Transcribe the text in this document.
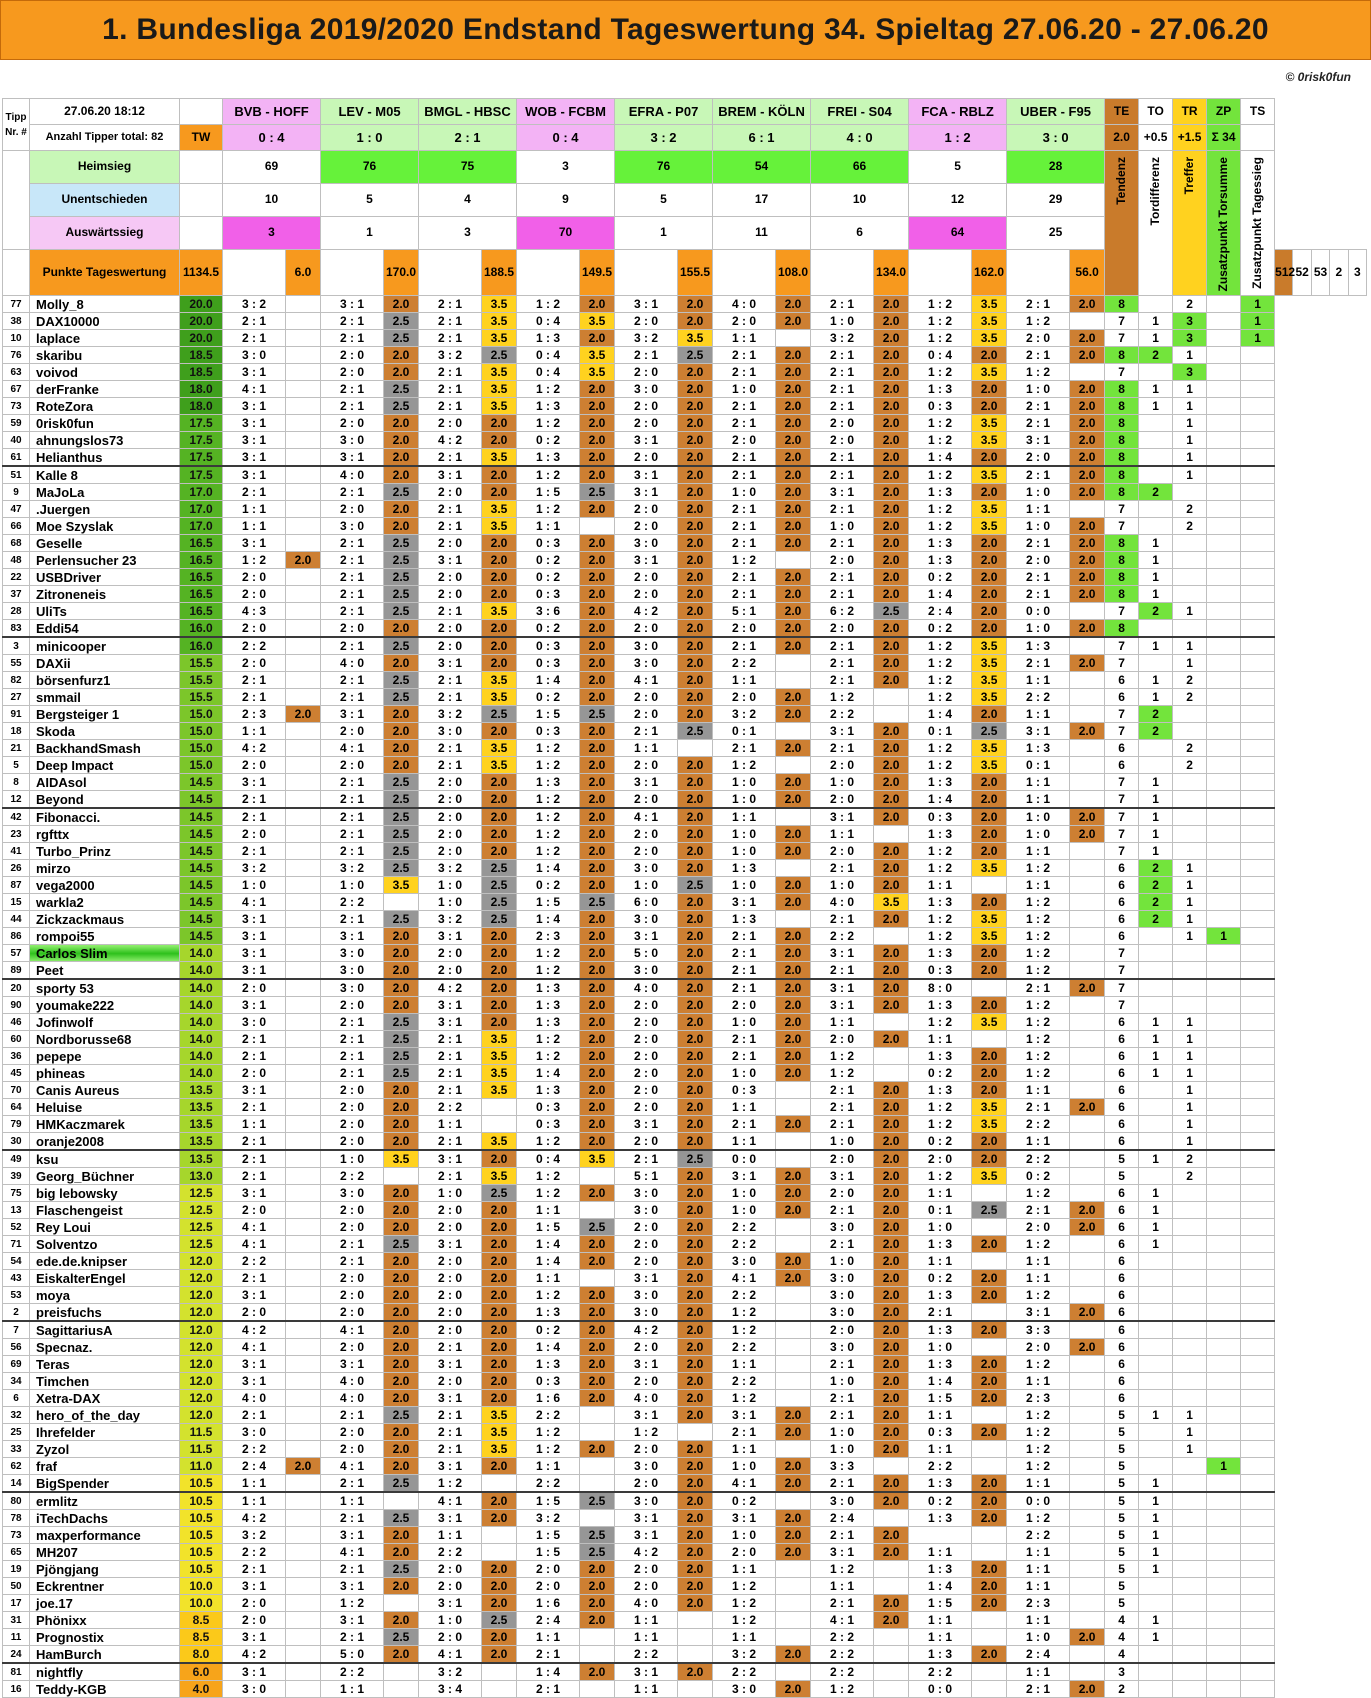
1. Bundesliga 2019/2020 Endstand Tageswertung 34. Spieltag 27.06.20 - 27.06.20
© 0risk0fun
Tipp
Nr. #	27.06.20 18:12		BVB - HOFF		LEV - M05		BMGL - HBSC		WOB - FCBM		EFRA - P07		BREM - KÖLN		FREI - S04		FCA - RBLZ		UBER - F95		TE	TO	TR	ZP	TS					
	Anzahl Tipper total: 82	TW	0 : 4		1 : 0		2 : 1		0 : 4		3 : 2		6 : 1		4 : 0		1 : 2		3 : 0		2.0	+0.5	+1.5	Σ 34						
	Heimsieg		69		76		75		3		76		54		66		5		28		Tendenz	Tordifferenz	Treffer	Zusatzpunkt Torsumme	Zusatzpunkt Tagessieg					
	Unentschieden		10		5		4		9		5		17		10		12		29											
	Auswärtssieg		3		1		3		70		1		11		6		64		25											
	Punkte Tageswertung	1134.5		6.0		170.0		188.5		149.5		155.5		108.0		134.0		162.0		56.0						512	52	53	2	3
77	Molly_8	20.0	3 : 2		3 : 1	2.0	2 : 1	3.5	1 : 2	2.0	3 : 1	2.0	4 : 0	2.0	2 : 1	2.0	1 : 2	3.5	2 : 1	2.0	8		2		1					
38	DAX10000	20.0	2 : 1		2 : 1	2.5	2 : 1	3.5	0 : 4	3.5	2 : 0	2.0	2 : 0	2.0	1 : 0	2.0	1 : 2	3.5	1 : 2		7	1	3		1					
10	laplace	20.0	2 : 1		2 : 1	2.5	2 : 1	3.5	1 : 3	2.0	3 : 2	3.5	1 : 1		3 : 2	2.0	1 : 2	3.5	2 : 0	2.0	7	1	3		1					
76	skaribu	18.5	3 : 0		2 : 0	2.0	3 : 2	2.5	0 : 4	3.5	2 : 1	2.5	2 : 1	2.0	2 : 1	2.0	0 : 4	2.0	2 : 1	2.0	8	2	1							
63	voivod	18.5	3 : 1		2 : 0	2.0	2 : 1	3.5	0 : 4	3.5	2 : 0	2.0	2 : 1	2.0	2 : 1	2.0	1 : 2	3.5	1 : 2		7		3							
67	derFranke	18.0	4 : 1		2 : 1	2.5	2 : 1	3.5	1 : 2	2.0	3 : 0	2.0	1 : 0	2.0	2 : 1	2.0	1 : 3	2.0	1 : 0	2.0	8	1	1							
73	RoteZora	18.0	3 : 1		2 : 1	2.5	2 : 1	3.5	1 : 3	2.0	2 : 0	2.0	2 : 1	2.0	2 : 1	2.0	0 : 3	2.0	2 : 1	2.0	8	1	1							
59	0risk0fun	17.5	3 : 1		2 : 0	2.0	2 : 0	2.0	1 : 2	2.0	2 : 0	2.0	2 : 1	2.0	2 : 0	2.0	1 : 2	3.5	2 : 1	2.0	8		1							
40	ahnungslos73	17.5	3 : 1		3 : 0	2.0	4 : 2	2.0	0 : 2	2.0	3 : 1	2.0	2 : 0	2.0	2 : 0	2.0	1 : 2	3.5	3 : 1	2.0	8		1							
61	Helianthus	17.5	3 : 1		3 : 1	2.0	2 : 1	3.5	1 : 3	2.0	2 : 0	2.0	2 : 1	2.0	2 : 1	2.0	1 : 4	2.0	2 : 0	2.0	8		1							
51	Kalle 8	17.5	3 : 1		4 : 0	2.0	3 : 1	2.0	1 : 2	2.0	3 : 1	2.0	2 : 1	2.0	2 : 1	2.0	1 : 2	3.5	2 : 1	2.0	8		1							
9	MaJoLa	17.0	2 : 1		2 : 1	2.5	2 : 0	2.0	1 : 5	2.5	3 : 1	2.0	1 : 0	2.0	3 : 1	2.0	1 : 3	2.0	1 : 0	2.0	8	2								
47	.Juergen	17.0	1 : 1		2 : 0	2.0	2 : 1	3.5	1 : 2	2.0	2 : 0	2.0	2 : 1	2.0	2 : 1	2.0	1 : 2	3.5	1 : 1		7		2							
66	Moe Szyslak	17.0	1 : 1		3 : 0	2.0	2 : 1	3.5	1 : 1		2 : 0	2.0	2 : 1	2.0	1 : 0	2.0	1 : 2	3.5	1 : 0	2.0	7		2							
68	Geselle	16.5	3 : 1		2 : 1	2.5	2 : 0	2.0	0 : 3	2.0	3 : 0	2.0	2 : 1	2.0	2 : 1	2.0	1 : 3	2.0	2 : 1	2.0	8	1								
48	Perlensucher 23	16.5	1 : 2	2.0	2 : 1	2.5	3 : 1	2.0	0 : 2	2.0	3 : 1	2.0	1 : 2		2 : 0	2.0	1 : 3	2.0	2 : 0	2.0	8	1								
22	USBDriver	16.5	2 : 0		2 : 1	2.5	2 : 0	2.0	0 : 2	2.0	2 : 0	2.0	2 : 1	2.0	2 : 1	2.0	0 : 2	2.0	2 : 1	2.0	8	1								
37	Zitroneneis	16.5	2 : 0		2 : 1	2.5	2 : 0	2.0	0 : 3	2.0	2 : 0	2.0	2 : 1	2.0	2 : 1	2.0	1 : 4	2.0	2 : 1	2.0	8	1								
28	UliTs	16.5	4 : 3		2 : 1	2.5	2 : 1	3.5	3 : 6	2.0	4 : 2	2.0	5 : 1	2.0	6 : 2	2.5	2 : 4	2.0	0 : 0		7	2	1							
83	Eddi54	16.0	2 : 0		2 : 0	2.0	2 : 0	2.0	0 : 2	2.0	2 : 0	2.0	2 : 0	2.0	2 : 0	2.0	0 : 2	2.0	1 : 0	2.0	8									
3	minicooper	16.0	2 : 2		2 : 1	2.5	2 : 0	2.0	0 : 3	2.0	3 : 0	2.0	2 : 1	2.0	2 : 1	2.0	1 : 2	3.5	1 : 3		7	1	1							
55	DAXii	15.5	2 : 0		4 : 0	2.0	3 : 1	2.0	0 : 3	2.0	3 : 0	2.0	2 : 2		2 : 1	2.0	1 : 2	3.5	2 : 1	2.0	7		1							
82	börsenfurz1	15.5	2 : 1		2 : 1	2.5	2 : 1	3.5	1 : 4	2.0	4 : 1	2.0	1 : 1		2 : 1	2.0	1 : 2	3.5	1 : 1		6	1	2							
27	smmail	15.5	2 : 1		2 : 1	2.5	2 : 1	3.5	0 : 2	2.0	2 : 0	2.0	2 : 0	2.0	1 : 2		1 : 2	3.5	2 : 2		6	1	2							
91	Bergsteiger 1	15.0	2 : 3	2.0	3 : 1	2.0	3 : 2	2.5	1 : 5	2.5	2 : 0	2.0	3 : 2	2.0	2 : 2		1 : 4	2.0	1 : 1		7	2								
18	Skoda	15.0	1 : 1		2 : 0	2.0	3 : 0	2.0	0 : 3	2.0	2 : 1	2.5	0 : 1		3 : 1	2.0	0 : 1	2.5	3 : 1	2.0	7	2								
21	BackhandSmash	15.0	4 : 2		4 : 1	2.0	2 : 1	3.5	1 : 2	2.0	1 : 1		2 : 1	2.0	2 : 1	2.0	1 : 2	3.5	1 : 3		6		2							
5	Deep Impact	15.0	2 : 0		2 : 0	2.0	2 : 1	3.5	1 : 2	2.0	2 : 0	2.0	1 : 2		2 : 0	2.0	1 : 2	3.5	0 : 1		6		2							
8	AIDAsol	14.5	3 : 1		2 : 1	2.5	2 : 0	2.0	1 : 3	2.0	3 : 1	2.0	1 : 0	2.0	1 : 0	2.0	1 : 3	2.0	1 : 1		7	1								
12	Beyond	14.5	2 : 1		2 : 1	2.5	2 : 0	2.0	1 : 2	2.0	2 : 0	2.0	1 : 0	2.0	2 : 0	2.0	1 : 4	2.0	1 : 1		7	1								
42	Fibonacci.	14.5	2 : 1		2 : 1	2.5	2 : 0	2.0	1 : 2	2.0	4 : 1	2.0	1 : 1		3 : 1	2.0	0 : 3	2.0	1 : 0	2.0	7	1								
23	rgfttx	14.5	2 : 0		2 : 1	2.5	2 : 0	2.0	1 : 2	2.0	2 : 0	2.0	1 : 0	2.0	1 : 1		1 : 3	2.0	1 : 0	2.0	7	1								
41	Turbo_Prinz	14.5	2 : 1		2 : 1	2.5	2 : 0	2.0	1 : 2	2.0	2 : 0	2.0	1 : 0	2.0	2 : 0	2.0	1 : 2	2.0	1 : 1		7	1								
26	mirzo	14.5	3 : 2		3 : 2	2.5	3 : 2	2.5	1 : 4	2.0	3 : 0	2.0	1 : 3		2 : 1	2.0	1 : 2	3.5	1 : 2		6	2	1							
87	vega2000	14.5	1 : 0		1 : 0	3.5	1 : 0	2.5	0 : 2	2.0	1 : 0	2.5	1 : 0	2.0	1 : 0	2.0	1 : 1		1 : 1		6	2	1							
15	warkla2	14.5	4 : 1		2 : 2		1 : 0	2.5	1 : 5	2.5	6 : 0	2.0	3 : 1	2.0	4 : 0	3.5	1 : 3	2.0	1 : 2		6	2	1							
44	Zickzackmaus	14.5	3 : 1		2 : 1	2.5	3 : 2	2.5	1 : 4	2.0	3 : 0	2.0	1 : 3		2 : 1	2.0	1 : 2	3.5	1 : 2		6	2	1							
86	rompoi55	14.5	3 : 1		3 : 1	2.0	3 : 1	2.0	2 : 3	2.0	3 : 1	2.0	2 : 1	2.0	2 : 2		1 : 2	3.5	1 : 2		6		1	1						
57	Carlos Slim	14.0	3 : 1		3 : 0	2.0	2 : 0	2.0	1 : 2	2.0	5 : 0	2.0	2 : 1	2.0	3 : 1	2.0	1 : 3	2.0	1 : 2		7									
89	Peet	14.0	3 : 1		3 : 0	2.0	2 : 0	2.0	1 : 2	2.0	3 : 0	2.0	2 : 1	2.0	2 : 1	2.0	0 : 3	2.0	1 : 2		7									
20	sporty 53	14.0	2 : 0		3 : 0	2.0	4 : 2	2.0	1 : 3	2.0	4 : 0	2.0	2 : 1	2.0	3 : 1	2.0	8 : 0		2 : 1	2.0	7									
90	youmake222	14.0	3 : 1		2 : 0	2.0	3 : 1	2.0	1 : 3	2.0	2 : 0	2.0	2 : 0	2.0	3 : 1	2.0	1 : 3	2.0	1 : 2		7									
46	Jofinwolf	14.0	3 : 0		2 : 1	2.5	3 : 1	2.0	1 : 3	2.0	2 : 0	2.0	1 : 0	2.0	1 : 1		1 : 2	3.5	1 : 2		6	1	1							
60	Nordborusse68	14.0	2 : 1		2 : 1	2.5	2 : 1	3.5	1 : 2	2.0	2 : 0	2.0	2 : 1	2.0	2 : 0	2.0	1 : 1		1 : 2		6	1	1							
36	pepepe	14.0	2 : 1		2 : 1	2.5	2 : 1	3.5	1 : 2	2.0	2 : 0	2.0	2 : 1	2.0	1 : 2		1 : 3	2.0	1 : 2		6	1	1							
45	phineas	14.0	2 : 0		2 : 1	2.5	2 : 1	3.5	1 : 4	2.0	2 : 0	2.0	1 : 0	2.0	1 : 2		0 : 2	2.0	1 : 2		6	1	1							
70	Canis Aureus	13.5	3 : 1		2 : 0	2.0	2 : 1	3.5	1 : 3	2.0	2 : 0	2.0	0 : 3		2 : 1	2.0	1 : 3	2.0	1 : 1		6		1							
64	Heluise	13.5	2 : 1		2 : 0	2.0	2 : 2		0 : 3	2.0	2 : 0	2.0	1 : 1		2 : 1	2.0	1 : 2	3.5	2 : 1	2.0	6		1							
79	HMKaczmarek	13.5	1 : 1		2 : 0	2.0	1 : 1		0 : 3	2.0	3 : 1	2.0	2 : 1	2.0	2 : 1	2.0	1 : 2	3.5	2 : 2		6		1							
30	oranje2008	13.5	2 : 1		2 : 0	2.0	2 : 1	3.5	1 : 2	2.0	2 : 0	2.0	1 : 1		1 : 0	2.0	0 : 2	2.0	1 : 1		6		1							
49	ksu	13.5	2 : 1		1 : 0	3.5	3 : 1	2.0	0 : 4	3.5	2 : 1	2.5	0 : 0		2 : 0	2.0	2 : 0	2.0	2 : 2		5	1	2							
39	Georg_Büchner	13.0	2 : 1		2 : 2		2 : 1	3.5	1 : 2		5 : 1	2.0	3 : 1	2.0	3 : 1	2.0	1 : 2	3.5	0 : 2		5		2							
75	big lebowsky	12.5	3 : 1		3 : 0	2.0	1 : 0	2.5	1 : 2	2.0	3 : 0	2.0	1 : 0	2.0	2 : 0	2.0	1 : 1		1 : 2		6	1								
13	Flaschengeist	12.5	2 : 0		2 : 0	2.0	2 : 0	2.0	1 : 1		3 : 0	2.0	1 : 0	2.0	2 : 1	2.0	0 : 1	2.5	2 : 1	2.0	6	1								
52	Rey Loui	12.5	4 : 1		2 : 0	2.0	2 : 0	2.0	1 : 5	2.5	2 : 0	2.0	2 : 2		3 : 0	2.0	1 : 0		2 : 0	2.0	6	1								
71	Solventzo	12.5	4 : 1		2 : 1	2.5	3 : 1	2.0	1 : 4	2.0	2 : 0	2.0	2 : 2		2 : 1	2.0	1 : 3	2.0	1 : 2		6	1								
54	ede.de.knipser	12.0	2 : 2		2 : 1	2.0	2 : 0	2.0	1 : 4	2.0	2 : 0	2.0	3 : 0	2.0	1 : 0	2.0	1 : 1		1 : 1		6									
43	EiskalterEngel	12.0	2 : 1		2 : 0	2.0	2 : 0	2.0	1 : 1		3 : 1	2.0	4 : 1	2.0	3 : 0	2.0	0 : 2	2.0	1 : 1		6									
53	moya	12.0	3 : 1		2 : 0	2.0	2 : 0	2.0	1 : 2	2.0	3 : 0	2.0	2 : 2		3 : 0	2.0	1 : 3	2.0	1 : 2		6									
2	preisfuchs	12.0	2 : 0		2 : 0	2.0	2 : 0	2.0	1 : 3	2.0	3 : 0	2.0	1 : 2		3 : 0	2.0	2 : 1		3 : 1	2.0	6									
7	SagittariusA	12.0	4 : 2		4 : 1	2.0	2 : 0	2.0	0 : 2	2.0	4 : 2	2.0	1 : 2		2 : 0	2.0	1 : 3	2.0	3 : 3		6									
56	Specnaz.	12.0	4 : 1		2 : 0	2.0	2 : 1	2.0	1 : 4	2.0	2 : 0	2.0	2 : 2		3 : 0	2.0	1 : 0		2 : 0	2.0	6									
69	Teras	12.0	3 : 1		3 : 1	2.0	3 : 1	2.0	1 : 3	2.0	3 : 1	2.0	1 : 1		2 : 1	2.0	1 : 3	2.0	1 : 2		6									
34	Timchen	12.0	3 : 1		4 : 0	2.0	2 : 0	2.0	0 : 3	2.0	2 : 0	2.0	2 : 2		1 : 0	2.0	1 : 4	2.0	1 : 1		6									
6	Xetra-DAX	12.0	4 : 0		4 : 0	2.0	3 : 1	2.0	1 : 6	2.0	4 : 0	2.0	1 : 2		2 : 1	2.0	1 : 5	2.0	2 : 3		6									
32	hero_of_the_day	12.0	2 : 1		2 : 1	2.5	2 : 1	3.5	2 : 2		3 : 1	2.0	3 : 1	2.0	2 : 1	2.0	1 : 1		1 : 2		5	1	1							
25	Ihrefelder	11.5	3 : 0		2 : 0	2.0	2 : 1	3.5	1 : 2		1 : 2		2 : 1	2.0	1 : 0	2.0	0 : 3	2.0	1 : 2		5		1							
33	Zyzol	11.5	2 : 2		2 : 0	2.0	2 : 1	3.5	1 : 2	2.0	2 : 0	2.0	1 : 1		1 : 0	2.0	1 : 1		1 : 2		5		1							
62	fraf	11.0	2 : 4	2.0	4 : 1	2.0	3 : 1	2.0	1 : 1		3 : 0	2.0	1 : 0	2.0	3 : 3		2 : 2		1 : 2		5			1						
14	BigSpender	10.5	1 : 1		2 : 1	2.5	1 : 2		2 : 2		2 : 0	2.0	4 : 1	2.0	2 : 1	2.0	1 : 3	2.0	1 : 1		5	1								
80	ermlitz	10.5	1 : 1		1 : 1		4 : 1	2.0	1 : 5	2.5	3 : 0	2.0	0 : 2		3 : 0	2.0	0 : 2	2.0	0 : 0		5	1								
78	iTechDachs	10.5	4 : 2		2 : 1	2.5	3 : 1	2.0	3 : 2		3 : 1	2.0	3 : 1	2.0	2 : 4		1 : 3	2.0	1 : 2		5	1								
73	maxperformance	10.5	3 : 2		3 : 1	2.0	1 : 1		1 : 5	2.5	3 : 1	2.0	1 : 0	2.0	2 : 1	2.0			2 : 2		5	1								
65	MH207	10.5	2 : 2		4 : 1	2.0	2 : 2		1 : 5	2.5	4 : 2	2.0	2 : 0	2.0	3 : 1	2.0	1 : 1		1 : 1		5	1								
19	Pjöngjang	10.5	2 : 1		2 : 1	2.5	2 : 0	2.0	2 : 0	2.0	2 : 0	2.0	1 : 1		1 : 2		1 : 3	2.0	1 : 1		5	1								
50	Eckrentner	10.0	3 : 1		3 : 1	2.0	2 : 0	2.0	2 : 0	2.0	2 : 0	2.0	1 : 2		1 : 1		1 : 4	2.0	1 : 1		5									
17	joe.17	10.0	2 : 0		1 : 2		3 : 1	2.0	1 : 6	2.0	4 : 0	2.0	1 : 2		2 : 1	2.0	1 : 5	2.0	2 : 3		5									
31	Phönixx	8.5	2 : 0		3 : 1	2.0	1 : 0	2.5	2 : 4	2.0	1 : 1		1 : 2		4 : 1	2.0	1 : 1		1 : 1		4	1								
11	Prognostix	8.5	3 : 1		2 : 1	2.5	2 : 0	2.0	1 : 1		1 : 1		1 : 1		2 : 2		1 : 1		1 : 0	2.0	4	1								
24	HamBurch	8.0	4 : 2		5 : 0	2.0	4 : 1	2.0	2 : 1		2 : 2		3 : 2	2.0	2 : 2		1 : 3	2.0	2 : 4		4									
81	nightfly	6.0	3 : 1		2 : 2		3 : 2		1 : 4	2.0	3 : 1	2.0	2 : 2		2 : 2		2 : 2		1 : 1		3									
16	Teddy-KGB	4.0	3 : 0		1 : 1		3 : 4		2 : 1		1 : 1		3 : 0	2.0	1 : 2		0 : 0		2 : 1	2.0	2									
